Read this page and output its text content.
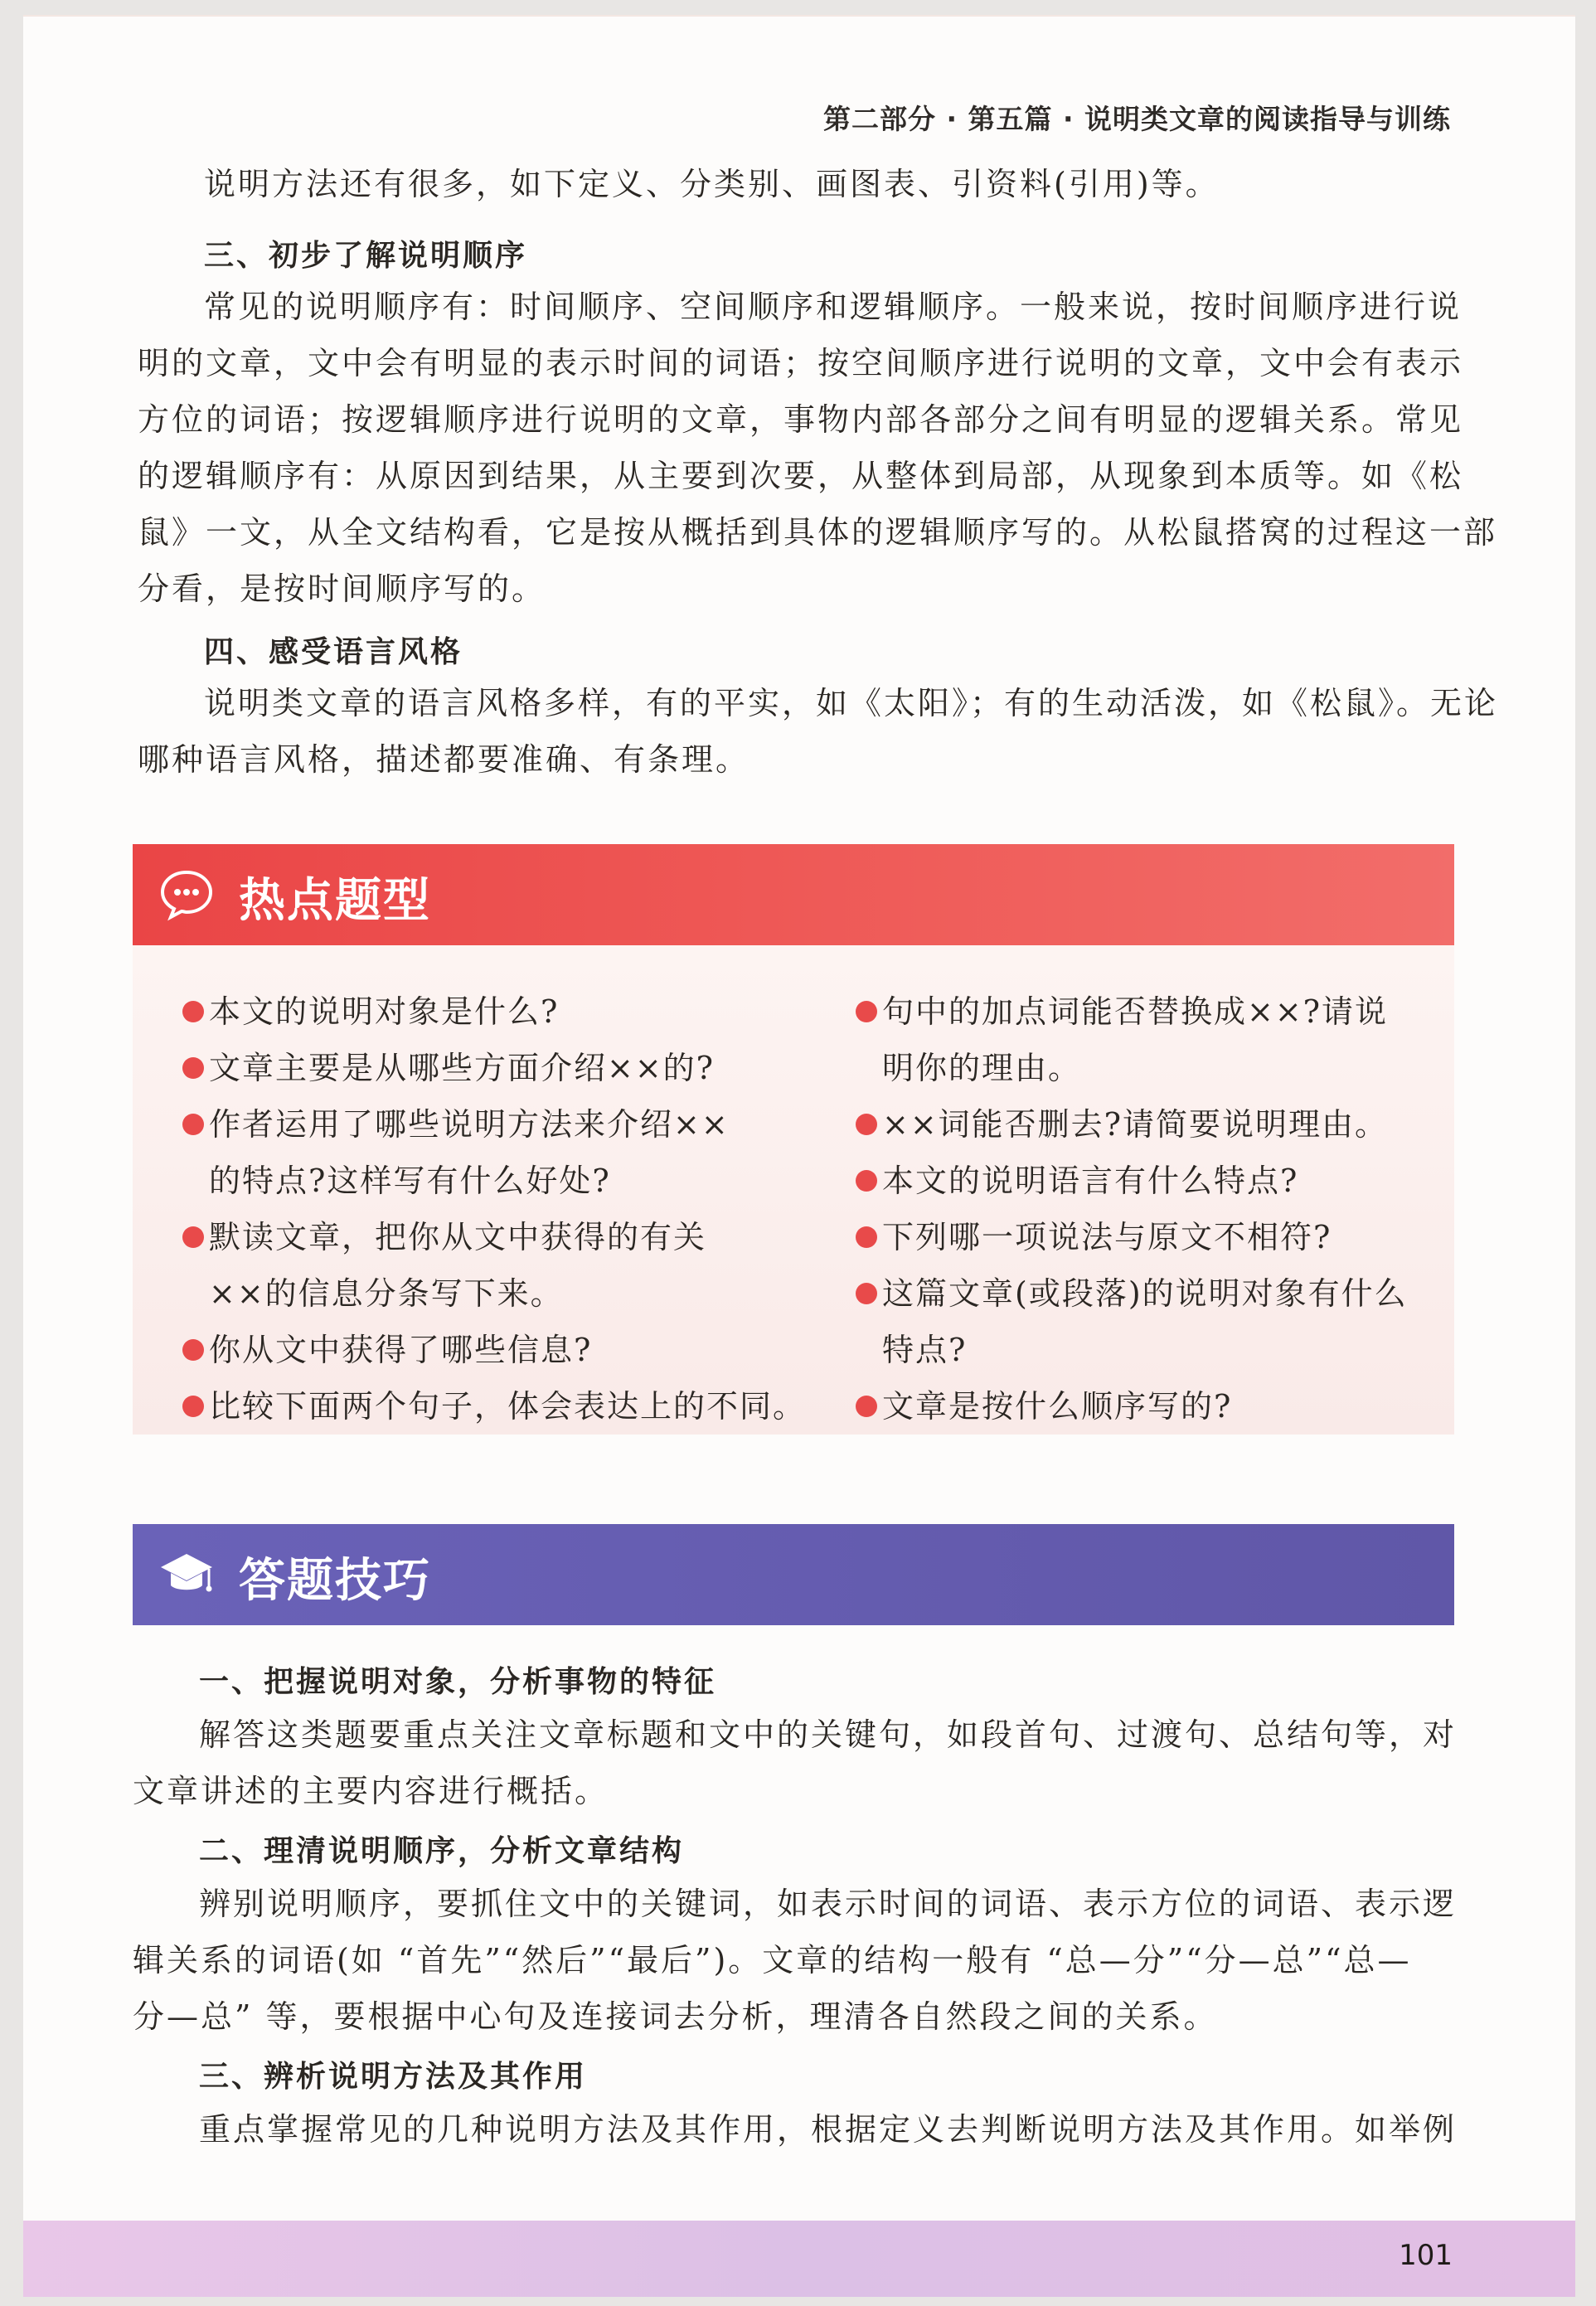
第二部分 · 第五篇 · 说明类文章的阅读指导与训练
说明方法还有很多，如下定义、分类别、画图表、引资料(引用)等。
三、初步了解说明顺序
常见的说明顺序有：时间顺序、空间顺序和逻辑顺序。一般来说，按时间顺序进行说
明的文章，文中会有明显的表示时间的词语；按空间顺序进行说明的文章，文中会有表示
方位的词语；按逻辑顺序进行说明的文章，事物内部各部分之间有明显的逻辑关系。常见
的逻辑顺序有：从原因到结果，从主要到次要，从整体到局部，从现象到本质等。如《松
鼠》一文，从全文结构看，它是按从概括到具体的逻辑顺序写的。从松鼠搭窝的过程这一部
分看，是按时间顺序写的。
四、感受语言风格
说明类文章的语言风格多样，有的平实，如《太阳》；有的生动活泼，如《松鼠》。无论
哪种语言风格，描述都要准确、有条理。
热点题型
本文的说明对象是什么?
文章主要是从哪些方面介绍××的?
作者运用了哪些说明方法来介绍××
的特点?这样写有什么好处?
默读文章，把你从文中获得的有关
××的信息分条写下来。
你从文中获得了哪些信息?
比较下面两个句子，体会表达上的不同。
句中的加点词能否替换成××?请说
明你的理由。
××词能否删去?请简要说明理由。
本文的说明语言有什么特点?
下列哪一项说法与原文不相符?
这篇文章(或段落)的说明对象有什么
特点?
文章是按什么顺序写的?
答题技巧
一、把握说明对象，分析事物的特征
解答这类题要重点关注文章标题和文中的关键句，如段首句、过渡句、总结句等，对
文章讲述的主要内容进行概括。
二、理清说明顺序，分析文章结构
辨别说明顺序，要抓住文中的关键词，如表示时间的词语、表示方位的词语、表示逻
辑关系的词语(如 “首先”“然后”“最后”)。文章的结构一般有 “总—分”“分—总”“总—
分—总” 等，要根据中心句及连接词去分析，理清各自然段之间的关系。
三、辨析说明方法及其作用
重点掌握常见的几种说明方法及其作用，根据定义去判断说明方法及其作用。如举例
101
